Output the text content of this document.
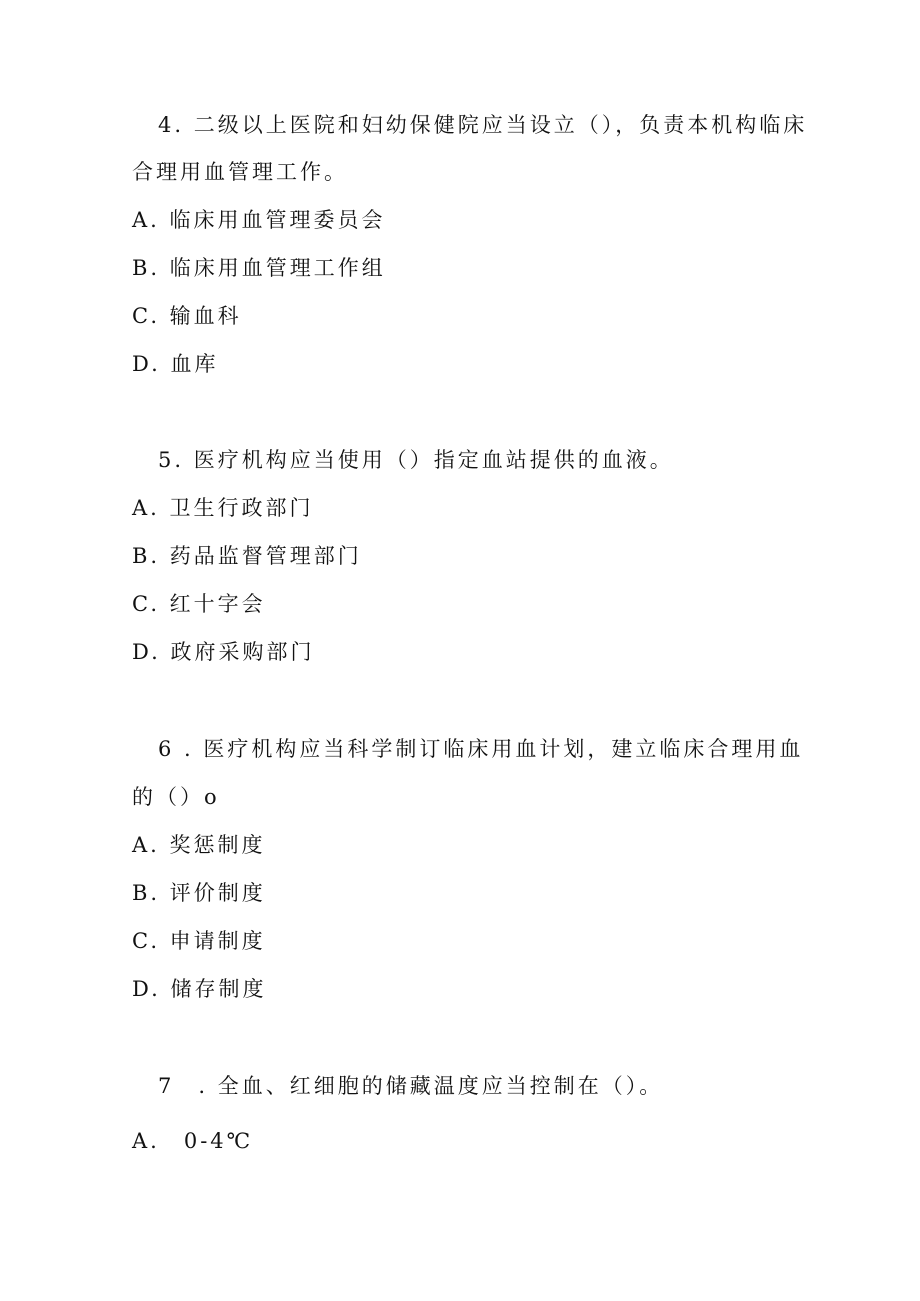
4. 二级以上医院和妇幼保健院应当设立（），负责本机构临床
合理用血管理工作。
A. 临床用血管理委员会
B. 临床用血管理工作组
C. 输血科
D. 血库
5. 医疗机构应当使用（）指定血站提供的血液。
A. 卫生行政部门
B. 药品监督管理部门
C. 红十字会
D. 政府采购部门
6 . 医疗机构应当科学制订临床用血计划，建立临床合理用血
的（）o
A. 奖惩制度
B. 评价制度
C. 申请制度
D. 储存制度
7　. 全血、红细胞的储藏温度应当控制在（）。
A.　0-4℃
